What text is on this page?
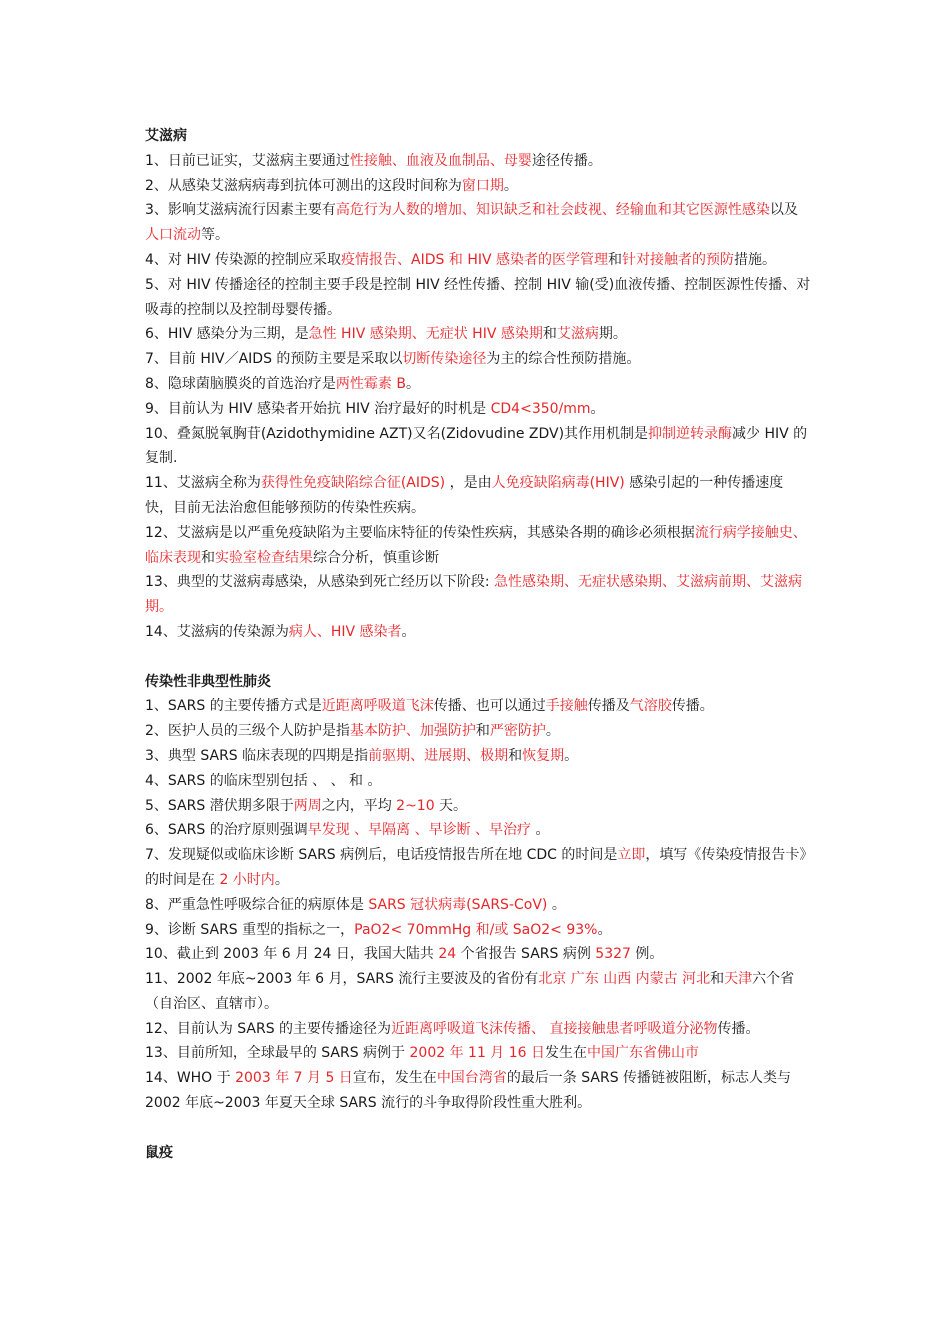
艾滋病
1、日前已证实，艾滋病主要通过性接触、血液及血制品、母婴途径传播。
2、从感染艾滋病病毒到抗体可测出的这段时间称为窗口期。
3、影响艾滋病流行因素主要有高危行为人数的增加、知识缺乏和社会歧视、经输血和其它医源性感染以及人口流动等。
4、对 HIV 传染源的控制应采取疫情报告、AIDS 和 HIV 感染者的医学管理和针对接触者的预防措施。
5、对 HIV 传播途径的控制主要手段是控制 HIV 经性传播、控制 HIV 输(受)血液传播、控制医源性传播、对吸毒的控制以及控制母婴传播。
6、HIV 感染分为三期，是急性 HIV 感染期、无症状 HIV 感染期和艾滋病期。
7、目前 HIV／AIDS 的预防主要是采取以切断传染途径为主的综合性预防措施。
8、隐球菌脑膜炎的首选治疗是两性霉素 B。
9、目前认为 HIV 感染者开始抗 HIV 治疗最好的时机是 CD4<350/mm。
10、叠氮脱氧胸苷(Azidothymidine AZT)又名(Zidovudine ZDV)其作用机制是抑制逆转录酶减少 HIV 的复制.
11、艾滋病全称为获得性免疫缺陷综合征(AIDS) ，是由人免疫缺陷病毒(HIV) 感染引起的一种传播速度快，目前无法治愈但能够预防的传染性疾病。
12、艾滋病是以严重免疫缺陷为主要临床特征的传染性疾病，其感染各期的确诊必须根据流行病学接触史、临床表现和实验室检查结果综合分析，慎重诊断
13、典型的艾滋病毒感染，从感染到死亡经历以下阶段: 急性感染期、无症状感染期、艾滋病前期、艾滋病期。
14、艾滋病的传染源为病人、HIV 感染者。
传染性非典型性肺炎
1、SARS 的主要传播方式是近距离呼吸道飞沫传播、也可以通过手接触传播及气溶胶传播。
2、医护人员的三级个人防护是指基本防护、加强防护和严密防护。
3、典型 SARS 临床表现的四期是指前驱期、进展期、极期和恢复期。
4、SARS 的临床型别包括 、 、 和 。
5、SARS 潜伏期多限于两周之内，平均 2~10 天。
6、SARS 的治疗原则强调早发现 、早隔离 、早诊断 、早治疗 。
7、发现疑似或临床诊断 SARS 病例后，电话疫情报告所在地 CDC 的时间是立即，填写《传染疫情报告卡》的时间是在 2 小时内。
8、严重急性呼吸综合征的病原体是 SARS 冠状病毒(SARS-CoV) 。
9、诊断 SARS 重型的指标之一，PaO2< 70mmHg 和/或 SaO2< 93%。
10、截止到 2003 年 6 月 24 日，我国大陆共 24 个省报告 SARS 病例 5327 例。
11、2002 年底~2003 年 6 月，SARS 流行主要波及的省份有北京 广东 山西 内蒙古 河北和天津六个省（自治区、直辖市）。
12、目前认为 SARS 的主要传播途径为近距离呼吸道飞沫传播、 直接接触患者呼吸道分泌物传播。
13、目前所知，全球最早的 SARS 病例于 2002 年 11 月 16 日发生在中国广东省佛山市
14、WHO 于 2003 年 7 月 5 日宣布，发生在中国台湾省的最后一条 SARS 传播链被阻断，标志人类与 2002 年底~2003 年夏天全球 SARS 流行的斗争取得阶段性重大胜利。
鼠疫
